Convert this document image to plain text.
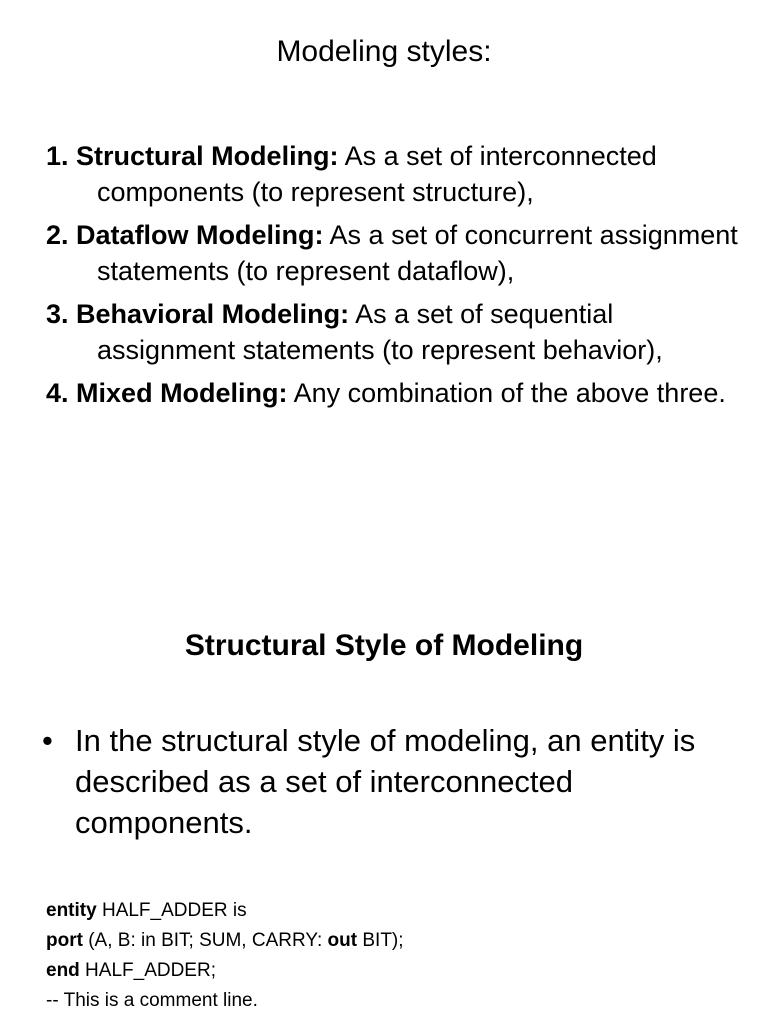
Modeling styles:
1. Structural Modeling: As a set of interconnected components (to represent structure),
2. Dataflow Modeling: As a set of concurrent assignment statements (to represent dataflow),
3. Behavioral Modeling: As a set of sequential assignment statements (to represent behavior),
4. Mixed Modeling: Any combination of the above three.
Structural Style of Modeling
• In the structural style of modeling, an entity is described as a set of interconnected components.
entity HALF_ADDER is
port (A, B: in BIT; SUM, CARRY: out BIT);
end HALF_ADDER;
-- This is a comment line.
